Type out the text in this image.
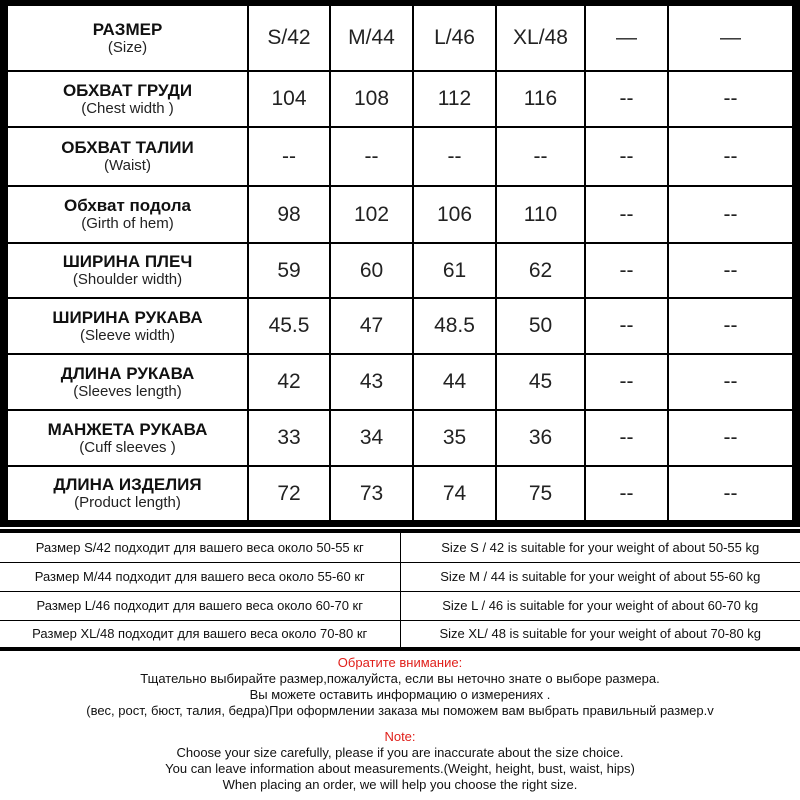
РАЗМЕР
(Size)	S/42	M/44	L/46	XL/48	—	—

ОБХВАТ ГРУДИ
(Chest width )	104	108	112	116	--	--

ОБХВАТ ТАЛИИ
(Waist)	--	--	--	--	--	--

Обхват подола
(Girth of hem)	98	102	106	110	--	--

ШИРИНА ПЛЕЧ
(Shoulder width)	59	60	61	62	--	--

ШИРИНА РУКАВА
(Sleeve width)	45.5	47	48.5	50	--	--

ДЛИНА РУКАВА
(Sleeves length)	42	43	44	45	--	--

МАНЖЕТА РУКАВА
(Cuff sleeves )	33	34	35	36	--	--

ДЛИНА ИЗДЕЛИЯ
(Product length)	72	73	74	75	--	--
Размер S/42 подходит для вашего веса около 50-55 кг	Size S / 42 is suitable for your weight of about 50-55 kg
Размер M/44 подходит для вашего веса около 55-60 кг	Size M / 44 is suitable for your weight of about 55-60 kg
Размер L/46 подходит для вашего веса около 60-70 кг	Size L / 46 is suitable for your weight of about 60-70 kg
Размер XL/48 подходит для вашего веса около 70-80 кг	Size XL/ 48 is suitable for your weight of about 70-80 kg
Обратите внимание:
Тщательно выбирайте размер,пожалуйста, если вы неточно знате о выборе размера.
Вы можете оставить информацию о измерениях .
(вес, рост, бюст, талия, бедра)При оформлении заказа мы поможем вам выбрать правильный размер.v
Note:
Choose your size carefully, please if you are inaccurate about the size choice.
You can leave information about measurements.(Weight, height, bust, waist, hips)
When placing an order, we will help you choose the right size.
